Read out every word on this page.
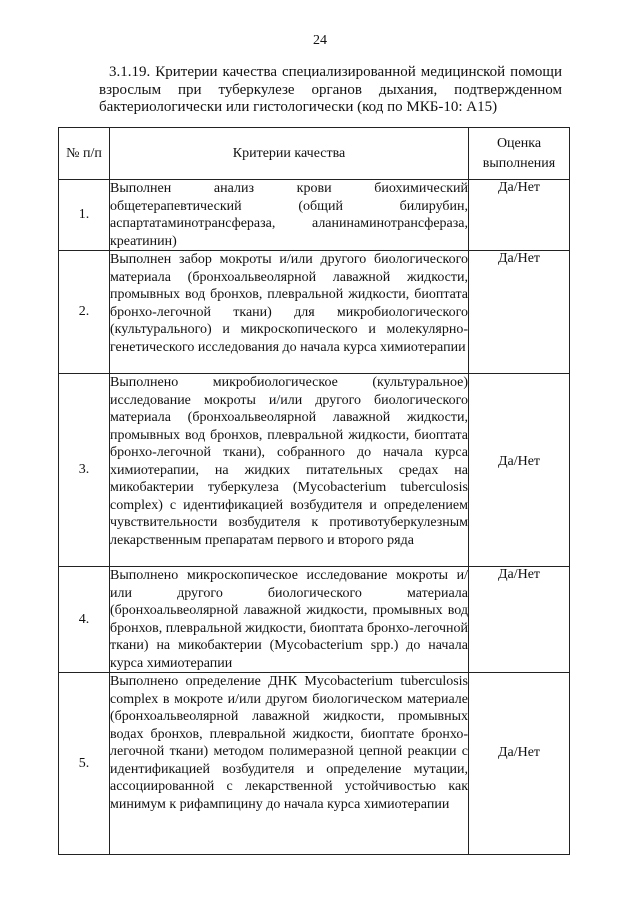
24
3.1.19. Критерии качества специализированной медицинской помощи взрослым при туберкулезе органов дыхания, подтвержденном бактериологически или гистологически (код по МКБ-10: A15)
№ п/п	Критерии качества	Оценка выполнения
1.	Выполнен анализ крови биохимический общетерапевтический (общий билирубин, аспартатаминотрансфераза, аланинаминотрансфераза, креатинин)	Да/Нет
2.	Выполнен забор мокроты и/или другого биологического материала (бронхоальвеолярной лаважной жидкости, промывных вод бронхов, плевральной жидкости, биоптата бронхо-легочной ткани) для микробиологического (культурального) и микроскопического и молекулярно-генетического исследования до начала курса химиотерапии	Да/Нет
3.	Выполнено микробиологическое (культуральное) исследование мокроты и/или другого биологического материала (бронхоальвеолярной лаважной жидкости, промывных вод бронхов, плевральной жидкости, биоптата бронхо-легочной ткани), собранного до начала курса химиотерапии, на жидких питательных средах на микобактерии туберкулеза (Mycobacterium tuberculosis complex) с идентификацией возбудителя и определением чувствительности возбудителя к противотуберкулезным лекарственным препаратам первого и второго ряда	Да/Нет
4.	Выполнено микроскопическое исследование мокроты и/или другого биологического материала (бронхоальвеолярной лаважной жидкости, промывных вод бронхов, плевральной жидкости, биоптата бронхо-легочной ткани) на микобактерии (Mycobacterium spp.) до начала курса химиотерапии	Да/Нет
5.	Выполнено определение ДНК Mycobacterium tuberculosis complex в мокроте и/или другом биологическом материале (бронхоальвеолярной лаважной жидкости, промывных водах бронхов, плевральной жидкости, биоптате бронхо-легочной ткани) методом полимеразной цепной реакции с идентификацией возбудителя и определение мутации, ассоциированной с лекарственной устойчивостью как минимум к рифампицину до начала курса химиотерапии	Да/Нет
